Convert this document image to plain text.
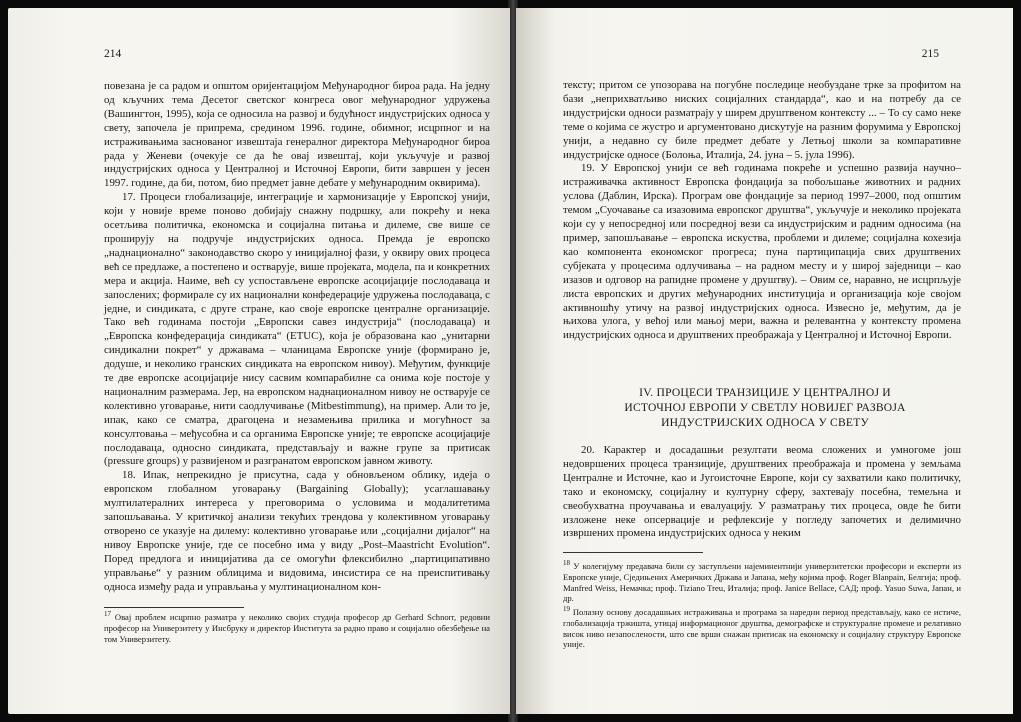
214

повезана је са радом и општом оријентацијом Међународног бироа рада. На једну од кључних тема Десетог светског конгреса овог међународног удружења (Вашингтон, 1995), која се односила на развој и будућност индустријских односа у свету, започела је припрема, средином 1996. године, обимног, исцрпног и на истраживањима заснованог извештаја генералног директора Међународног бироа рада у Женеви (очекује се да ће овај извештај, који укључује и развој индустријских односа у Централној и Источној Европи, бити завршен у јесен 1997. године, да би, потом, био предмет јавне дебате у међународним оквирима).

17. Процеси глобализације, интеграције и хармонизације у Европској унији, који у новије време поново добијају снажну подршку, али покрећу и нека осетљива политичка, економска и социјална питања и дилеме, све више се проширују на подручје индустријских односа. Премда је европско „наднационално“ законодавство скоро у иницијалној фази, у оквиру ових процеса већ се предлаже, а постепено и остварује, више пројеката, модела, па и конкретних мера и акција. Наиме, већ су успостављене европске асоцијације послодаваца и запослених; формирале су их национални конфедерације удружења послодаваца, с једне, и синдиката, с друге стране, као своје европске централне организације. Тако већ годинама постоји „Европски савез индустрија“ (послодаваца) и „Европска конфедерација синдиката“ (ETUC), која је образована као „унитарни синдикални покрет“ у државама – чланицама Европске уније (формирано је, додуше, и неколико гранских синдиката на европском нивоу). Међутим, функције те две европске асоцијације нису сасвим компарабилне са онима које постоје у националним размерама. Јер, на европском наднационалном нивоу не остварује се колективно уговарање, нити саодлучивање (Mitbestimmung), на пример. Али то је, ипак, како се сматра, драгоцена и незамењива прилика и могућност за консултовања – међусобна и са органима Европске уније; те европске асоцијације послодаваца, односно синдиката, представљају и важне групе за притисак (pressure groups) у развијеном и разгранатом европском јавном животу.

18. Ипак, непрекидно је присутна, сада у обновљеном облику, идеја о европском глобалном уговарању (Bargaining Globally); усаглашавању мултилатералних интереса у преговорима о условима и модалитетима запошљавања. У критичкој анализи текућих трендова у колективном уговарању отворено се указује на дилему: колективно уговарање или „социјални дијалог“ на нивоу Европске уније, где се посебно има у виду „Post–Maastricht Evolution“. Поред предлога и иницијатива да се омогући флексибилно „партиципативно управљање“ у разним облицима и видовима, инсистира се на преиспитивању односа између рада и управљања у мултинационалном кон-

$^{17}$ Овај проблем исцрпно разматра у неколико својих студија професор др Gerhard Schnorr, редовни професор на Универзитету у Инсбруку и директор Института за радно право и социјално обезбеђење на том Универзитету.
215

тексту; притом се упозорава на погубне последице необуздане трке за профитом на бази „неприхватљиво ниских социјалних стандарда“, као и на потребу да се индустријски односи разматрају у ширем друштвеном контексту ... – То су само неке теме о којима се жустро и аргументовано дискутује на разним форумима у Европској унији, а недавно су биле предмет дебате у Летњој школи за компаративне индустријске односе (Болоња, Италија, 24. јуна – 5. јула 1996).

19. У Европској унији се већ годинама покреће и успешно развија научно–истраживачка активност Европска фондација за побољшање животних и радних услова (Даблин, Ирска). Програм ове фондације за период 1997–2000, под општим темом „Суочавање са изазовима европског друштва“, укључује и неколико пројеката који су у непосредној или посредној вези са индустријским и радним односима (на пример, запошљавање – европска искуства, проблеми и дилеме; социјална кохезија као компонента економског прогреса; пуна партиципација свих друштвених субјеката у процесима одлучивања – на радном месту и у широј заједници – као изазов и одговор на рапидне промене у друштву). – Овим се, наравно, не исцрпљује листа европских и других међународних институција и организација које својом активношћу утичу на развој индустријских односа. Извесно је, међутим, да је њихова улога, у већој или мањој мери, важна и релевантна у контексту промена индустријских односа и друштвених преображаја у Централној и Источној Европи.

IV. ПРОЦЕСИ ТРАНЗИЦИЈЕ У ЦЕНТРАЛНОЈ И
ИСТОЧНОЈ ЕВРОПИ У СВЕТЛУ НОВИЈЕГ РАЗВОЈА
ИНДУСТРИЈСКИХ ОДНОСА У СВЕТУ

20. Карактер и досадашњи резултати веома сложених и умногоме још недовршених процеса транзиције, друштвених преображаја и промена у земљама Централне и Источне, као и Југоисточне Европе, који су захватили како политичку, тако и економску, социјалну и културну сферу, захтевају посебна, темељна и свеобухватна проучавања и евалуацију. У разматрању тих процеса, овде ће бити изложене неке опсервације и рефлексије у погледу започетих и делимично извршених промена индустријских односа у неким

$^{18}$ У колегијуму предавача били су заступљени најеминентнији универзитетски професори и експерти из Европске уније, Сједињених Америчких Држава и Јапана, међу којима проф. Roger Blanpain, Белгија; проф. Manfred Weiss, Немачка; проф. Tiziano Treu, Италија; проф. Janice Bellace, САД; проф. Yasuo Suwa, Јапан, и др.
$^{19}$ Полазну основу досадашњих истраживања и програма за наредни период представљају, како се истиче, глобализација тржишта, утицај информационог друштва, демографске и структуралне промене и релативно висок ниво незапослености, што све врши снажан притисак на економску и социјалну структуру Европске уније.
